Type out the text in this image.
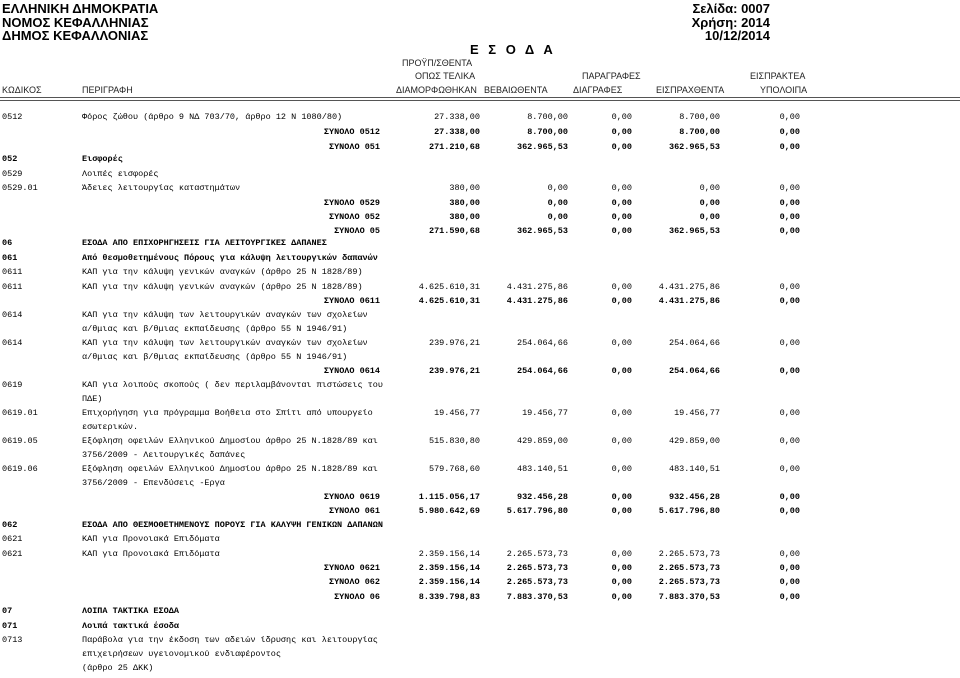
ΕΛΛΗΝΙΚΗ ΔΗΜΟΚΡΑΤΙΑ
ΝΟΜΟΣ ΚΕΦΑΛΛΗΝΙΑΣ
ΔΗΜΟΣ ΚΕΦΑΛΛΟΝΙΑΣ
Σελίδα: 0007
Χρήση: 2014
10/12/2014
Ε Σ Ο Δ Α
ΠΡΟΫΠ/ΣΘΕΝΤΑ
ΟΠΩΣ ΤΕΛΙΚΑ	ΠΑΡΑΓΡΑΦΕΣ	ΕΙΣΠΡΑΚΤΕΑ
ΚΩΔΙΚΟΣ	ΠΕΡΙΓΡΑΦΗ	ΔΙΑΜΟΡΦΩΘΗΚΑΝ ΒΕΒΑΙΩΘΕΝΤΑ	ΔΙΑΓΡΑΦΕΣ	ΕΙΣΠΡΑΧΘΕΝΤΑ	ΥΠΟΛΟΙΠΑ
0512	Φόρος ζώθου (άρθρο 9 ΝΔ 703/70, άρθρο 12 Ν 1080/80)	27.338,00	8.700,00	0,00	8.700,00	0,00
ΣΥΝΟΛΟ 0512	27.338,00	8.700,00	0,00	8.700,00	0,00
ΣΥΝΟΛΟ 051	271.210,68	362.965,53	0,00	362.965,53	0,00
052	Εισφορές
0529	Λοιπές εισφορές
0529.01	Άδειες λειτουργίας καταστημάτων	380,00	0,00	0,00	0,00	0,00
ΣΥΝΟΛΟ 0529	380,00	0,00	0,00	0,00	0,00
ΣΥΝΟΛΟ 052	380,00	0,00	0,00	0,00	0,00
ΣΥΝΟΛΟ 05	271.590,68	362.965,53	0,00	362.965,53	0,00
06	ΕΣΟΔΑ ΑΠΟ ΕΠΙΧΟΡΗΓΗΣΕΙΣ ΓΙΑ ΛΕΙΤΟΥΡΓΙΚΕΣ ΔΑΠΑΝΕΣ
061	Από θεσμοθετημένους Πόρους για κάλυψη λειτουργικών δαπανών
0611	ΚΑΠ για την κάλυψη γενικών αναγκών (άρθρο 25 Ν 1828/89)
0611	ΚΑΠ για την κάλυψη γενικών αναγκών (άρθρο 25 Ν 1828/89)	4.625.610,31	4.431.275,86	0,00	4.431.275,86	0,00
ΣΥΝΟΛΟ 0611	4.625.610,31	4.431.275,86	0,00	4.431.275,86	0,00
0614	ΚΑΠ για την κάλυψη των λειτουργικών αναγκών των σχολείων
α/θμιας και β/θμιας εκπαίδευσης (άρθρο 55 Ν 1946/91)
0614	ΚΑΠ για την κάλυψη των λειτουργικών αναγκών των σχολείων	239.976,21	254.064,66	0,00	254.064,66	0,00
α/θμιας και β/θμιας εκπαίδευσης (άρθρο 55 Ν 1946/91)
ΣΥΝΟΛΟ 0614	239.976,21	254.064,66	0,00	254.064,66	0,00
0619	ΚΑΠ για λοιπούς σκοπούς ( δεν περιλαμβάνονται πιστώσεις του
ΠΔΕ)
0619.01	Επιχορήγηση για πρόγραμμα Βοήθεια στο Σπίτι από υπουργείο	19.456,77	19.456,77	0,00	19.456,77	0,00
εσωτερικών.
0619.05	Εξόφληση οφειλών Ελληνικού Δημοσίου άρθρο 25 Ν.1828/89 και	515.830,80	429.859,00	0,00	429.859,00	0,00
3756/2009 - Λειτουργικές δαπάνες
0619.06	Εξόφληση οφειλών Ελληνικού Δημοσίου άρθρο 25 Ν.1828/89 και	579.768,60	483.140,51	0,00	483.140,51	0,00
3756/2009 - Επενδύσεις -Εργα
ΣΥΝΟΛΟ 0619	1.115.056,17	932.456,28	0,00	932.456,28	0,00
ΣΥΝΟΛΟ 061	5.980.642,69	5.617.796,80	0,00	5.617.796,80	0,00
062	ΕΣΟΔΑ ΑΠΟ ΘΕΣΜΟΘΕΤΗΜΕΝΟΥΣ ΠΟΡΟΥΣ ΓΙΑ ΚΑΛΥΨΗ ΓΕΝΙΚΩΝ ΔΑΠΑΝΩΝ
0621	ΚΑΠ για Προνοιακά Επιδόματα
0621	ΚΑΠ για Προνοιακά Επιδόματα	2.359.156,14	2.265.573,73	0,00	2.265.573,73	0,00
ΣΥΝΟΛΟ 0621	2.359.156,14	2.265.573,73	0,00	2.265.573,73	0,00
ΣΥΝΟΛΟ 062	2.359.156,14	2.265.573,73	0,00	2.265.573,73	0,00
ΣΥΝΟΛΟ 06	8.339.798,83	7.883.370,53	0,00	7.883.370,53	0,00
07	ΛΟΙΠΑ ΤΑΚΤΙΚΑ ΕΣΟΔΑ
071	Λοιπά τακτικά έσοδα
0713	Παράβολα για την έκδοση των αδειών ίδρυσης και λειτουργίας
επιχειρήσεων υγειονομικού ενδιαφέροντος
(άρθρο 25 ΔΚΚ)
